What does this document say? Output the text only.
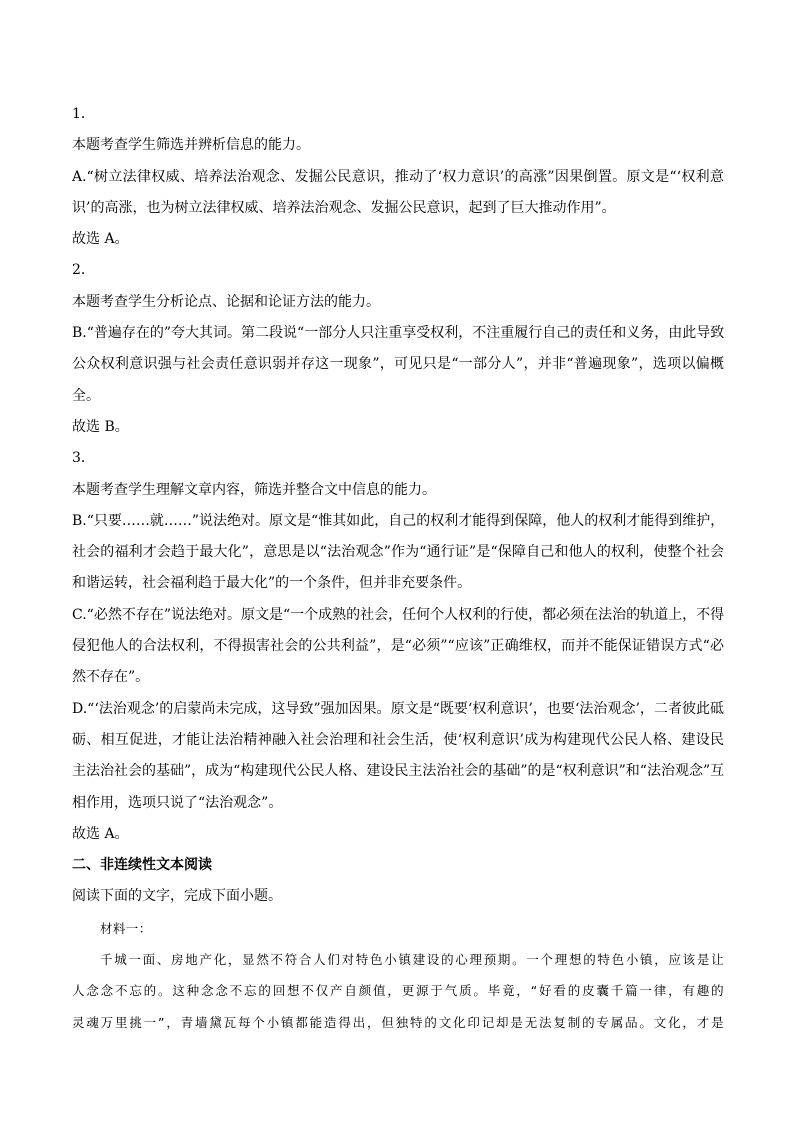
1．
本题考查学生筛选并辨析信息的能力。
A.“树立法律权威、培养法治观念、发掘公民意识，推动了‘权力意识’的高涨”因果倒置。原文是“‘权利意
识’的高涨，也为树立法律权威、培养法治观念、发掘公民意识，起到了巨大推动作用”。
故选 A。
2．
本题考查学生分析论点、论据和论证方法的能力。
B.“普遍存在的”夸大其词。第二段说“一部分人只注重享受权利，不注重履行自己的责任和义务，由此导致
公众权利意识强与社会责任意识弱并存这一现象”，可见只是“一部分人”，并非“普遍现象”，选项以偏概
全。
故选 B。
3．
本题考查学生理解文章内容，筛选并整合文中信息的能力。
B.“只要……就……”说法绝对。原文是“惟其如此，自己的权利才能得到保障，他人的权利才能得到维护，
社会的福利才会趋于最大化”，意思是以“法治观念”作为“通行证”是“保障自己和他人的权利，使整个社会
和谐运转，社会福利趋于最大化”的一个条件，但并非充要条件。
C.“必然不存在”说法绝对。原文是“一个成熟的社会，任何个人权利的行使，都必须在法治的轨道上，不得
侵犯他人的合法权利，不得损害社会的公共利益”，是“必须”“应该”正确维权，而并不能保证错误方式“必
然不存在”。
D.“‘法治观念’的启蒙尚未完成，这导致”强加因果。原文是“既要‘权利意识’，也要‘法治观念’，二者彼此砥
砺、相互促进，才能让法治精神融入社会治理和社会生活，使‘权利意识’成为构建现代公民人格、建设民
主法治社会的基础”，成为“构建现代公民人格、建设民主法治社会的基础”的是“权利意识”和“法治观念”互
相作用，选项只说了“法治观念”。
故选 A。
二、非连续性文本阅读
阅读下面的文字，完成下面小题。
材料一：
千城一面、房地产化，显然不符合人们对特色小镇建设的心理预期。一个理想的特色小镇，应该是让
人念念不忘的。这种念念不忘的回想不仅产自颜值，更源于气质。毕竟，“好看的皮囊千篇一律，有趣的
灵魂万里挑一”，青墙黛瓦每个小镇都能造得出，但独特的文化印记却是无法复制的专属品。文化，才是
